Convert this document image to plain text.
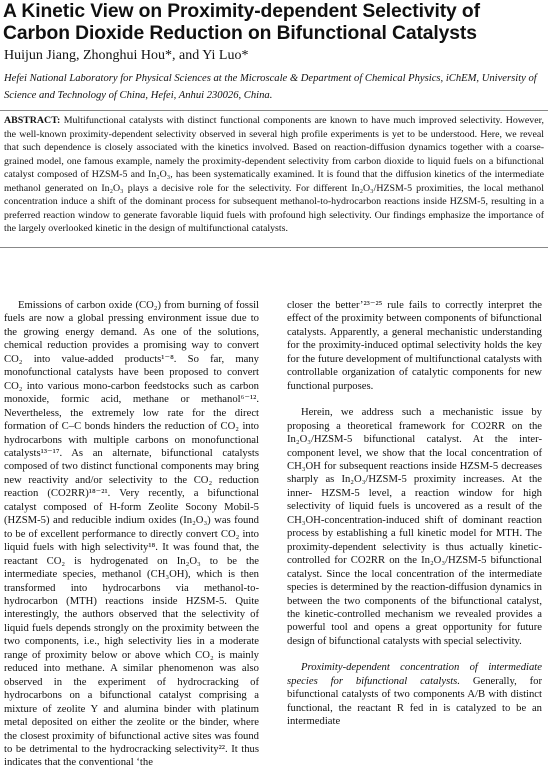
A Kinetic View on Proximity-dependent Selectivity of Carbon Dioxide Reduction on Bifunctional Catalysts
Huijun Jiang, Zhonghui Hou*, and Yi Luo*
Hefei National Laboratory for Physical Sciences at the Microscale & Department of Chemical Physics, iChEM, University of Science and Technology of China, Hefei, Anhui 230026, China.
ABSTRACT: Multifunctional catalysts with distinct functional components are known to have much improved selectivity. However, the well-known proximity-dependent selectivity observed in several high profile experiments is yet to be understood. Here, we reveal that such dependence is closely associated with the kinetics involved. Based on reaction-diffusion dynamics together with a coarse-grained model, one famous example, namely the proximity-dependent selectivity from carbon dioxide to liquid fuels on a bifunctional catalyst composed of HZSM-5 and In₂O₃, has been systematically examined. It is found that the diffusion kinetics of the intermediate methanol generated on In₂O₃ plays a decisive role for the selectivity. For different In₂O₃/HZSM-5 proximities, the local methanol concentration induce a shift of the dominant process for subsequent methanol-to-hydrocarbon reactions inside HZSM-5, resulting in a preferred reaction window to generate favorable liquid fuels with profound high selectivity. Our findings emphasize the importance of the largely overlooked kinetic in the design of multifunctional catalysts.

Emissions of carbon oxide (CO₂) from burning of fossil fuels are now a global pressing environment issue due to the growing energy demand. As one of the solutions, chemical reduction provides a promising way to convert CO₂ into value-added products¹⁻⁸. So far, many monofunctional catalysts have been proposed to convert CO₂ into various mono-carbon feedstocks such as carbon monoxide, formic acid, methane or methanol⁶⁻¹². Nevertheless, the extremely low rate for the direct formation of C–C bonds hinders the reduction of CO₂ into hydrocarbons with multiple carbons on monofunctional catalysts¹³⁻¹⁷. As an alternate, bifunctional catalysts composed of two distinct functional components may bring new reactivity and/or selectivity to the CO₂ reduction reaction (CO2RR)¹⁸⁻²¹. Very recently, a bifunctional catalyst composed of H-form Zeolite Socony Mobil-5 (HZSM-5) and reducible indium oxides (In₂O₃) was found to be of excellent performance to directly convert CO₂ into liquid fuels with high selectivity¹⁸. It was found that, the reactant CO₂ is hydrogenated on In₂O₃ to be the intermediate species, methanol (CH₃OH), which is then transformed into hydrocarbons via methanol-to-hydrocarbon (MTH) reactions inside HZSM-5. Quite interestingly, the authors observed that the selectivity of liquid fuels depends strongly on the proximity between the two components, i.e., high selectivity lies in a moderate range of proximity below or above which CO₂ is mainly reduced into methane. A similar phenomenon was also observed in the experiment of hydrocracking of hydrocarbons on a bifunctional catalyst comprising a mixture of zeolite Y and alumina binder with platinum metal deposited on either the zeolite or the binder, where the closest proximity of bifunctional active sites was found to be detrimental to the hydrocracking selectivity²². It thus indicates that the conventional ‘the

closer the better’²³⁻²⁵ rule fails to correctly interpret the effect of the proximity between components of bifunctional catalysts. Apparently, a general mechanistic understanding for the proximity-induced optimal selectivity holds the key for the future development of multifunctional catalysts with controllable organization of catalytic components for new functional purposes.

Herein, we address such a mechanistic issue by proposing a theoretical framework for CO2RR on the In₂O₃/HZSM-5 bifunctional catalyst. At the inter-component level, we show that the local concentration of CH₃OH for subsequent reactions inside HZSM-5 decreases sharply as In₂O₃/HZSM-5 proximity increases. At the inner- HZSM-5 level, a reaction window for high selectivity of liquid fuels is uncovered as a result of the CH₃OH-concentration-induced shift of dominant reaction process by establishing a full kinetic model for MTH. The proximity-dependent selectivity is thus actually kinetic-controlled for CO2RR on the In₂O₃/HZSM-5 bifunctional catalyst. Since the local concentration of the intermediate species is determined by the reaction-diffusion dynamics in between the two components of the bifunctional catalyst, the kinetic-controlled mechanism we revealed provides a powerful tool and opens a great opportunity for future design of bifunctional catalysts with special selectivity.

Proximity-dependent concentration of intermediate species for bifunctional catalysts. Generally, for bifunctional catalysts of two components A/B with distinct functional, the reactant R fed in is catalyzed to be an intermediate
